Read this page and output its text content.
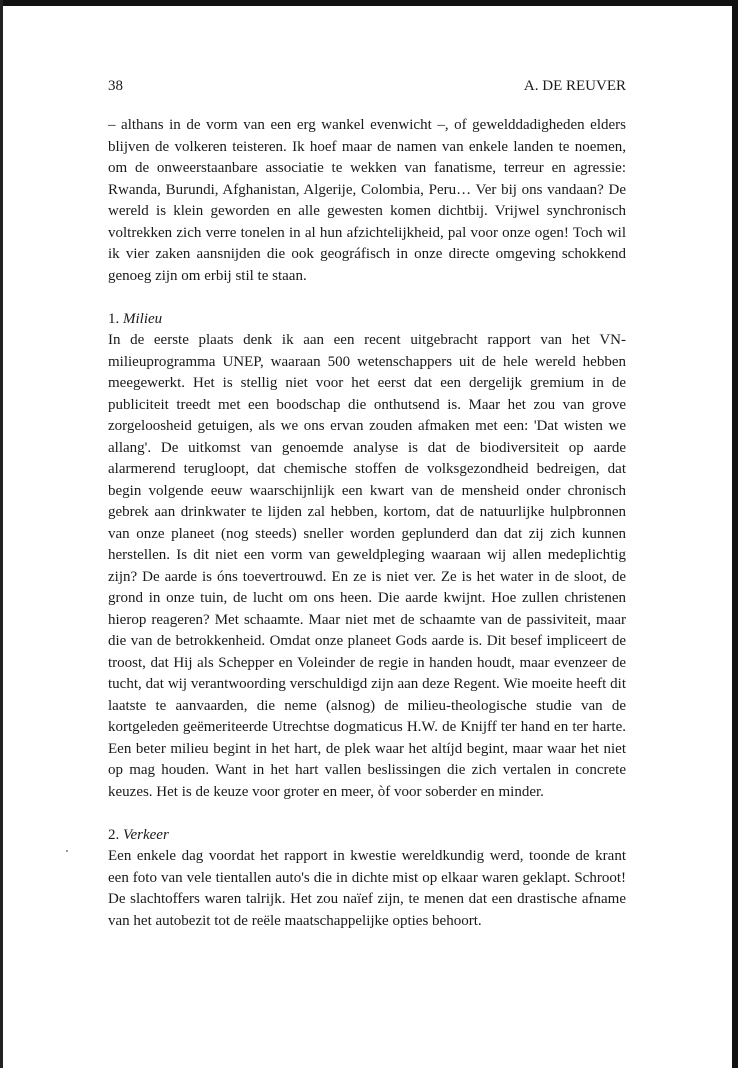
38	A. DE REUVER

– althans in de vorm van een erg wankel evenwicht –, of gewelddadigheden elders blijven de volkeren teisteren. Ik hoef maar de namen van enkele landen te noemen, om de onweerstaanbare associatie te wekken van fanatisme, terreur en agressie: Rwanda, Burundi, Afghanistan, Algerije, Colombia, Peru… Ver bij ons vandaan? De wereld is klein geworden en alle gewesten komen dichtbij. Vrijwel synchronisch voltrekken zich verre tonelen in al hun afzichtelijkheid, pal voor onze ogen! Toch wil ik vier zaken aansnijden die ook geográfisch in onze directe omgeving schokkend genoeg zijn om erbij stil te staan.

1. Milieu

In de eerste plaats denk ik aan een recent uitgebracht rapport van het VN-milieuprogramma UNEP, waaraan 500 wetenschappers uit de hele wereld hebben meegewerkt. Het is stellig niet voor het eerst dat een dergelijk gremium in de publiciteit treedt met een boodschap die onthutsend is. Maar het zou van grove zorgeloosheid getuigen, als we ons ervan zouden afmaken met een: 'Dat wisten we allang'. De uitkomst van genoemde analyse is dat de biodiversiteit op aarde alarmerend terugloopt, dat chemische stoffen de volksgezondheid bedreigen, dat begin volgende eeuw waarschijnlijk een kwart van de mensheid onder chronisch gebrek aan drinkwater te lijden zal hebben, kortom, dat de natuurlijke hulpbronnen van onze planeet (nog steeds) sneller worden geplunderd dan dat zij zich kunnen herstellen. Is dit niet een vorm van geweldpleging waaraan wij allen medeplichtig zijn? De aarde is óns toevertrouwd. En ze is niet ver. Ze is het water in de sloot, de grond in onze tuin, de lucht om ons heen. Die aarde kwijnt. Hoe zullen christenen hierop reageren? Met schaamte. Maar niet met de schaamte van de passiviteit, maar die van de betrokkenheid. Omdat onze planeet Gods aarde is. Dit besef impliceert de troost, dat Hij als Schepper en Voleinder de regie in handen houdt, maar evenzeer de tucht, dat wij verantwoording verschuldigd zijn aan deze Regent. Wie moeite heeft dit laatste te aanvaarden, die neme (alsnog) de milieu-theologische studie van de kortgeleden geëmeriteerde Utrechtse dogmaticus H.W. de Knijff ter hand en ter harte. Een beter milieu begint in het hart, de plek waar het altíjd begint, maar waar het niet op mag houden. Want in het hart vallen beslissingen die zich vertalen in concrete keuzes. Het is de keuze voor groter en meer, òf voor soberder en minder.

2. Verkeer

Een enkele dag voordat het rapport in kwestie wereldkundig werd, toonde de krant een foto van vele tientallen auto's die in dichte mist op elkaar waren geklapt. Schroot! De slachtoffers waren talrijk. Het zou naïef zijn, te menen dat een drastische afname van het autobezit tot de reële maatschappelijke opties behoort.
